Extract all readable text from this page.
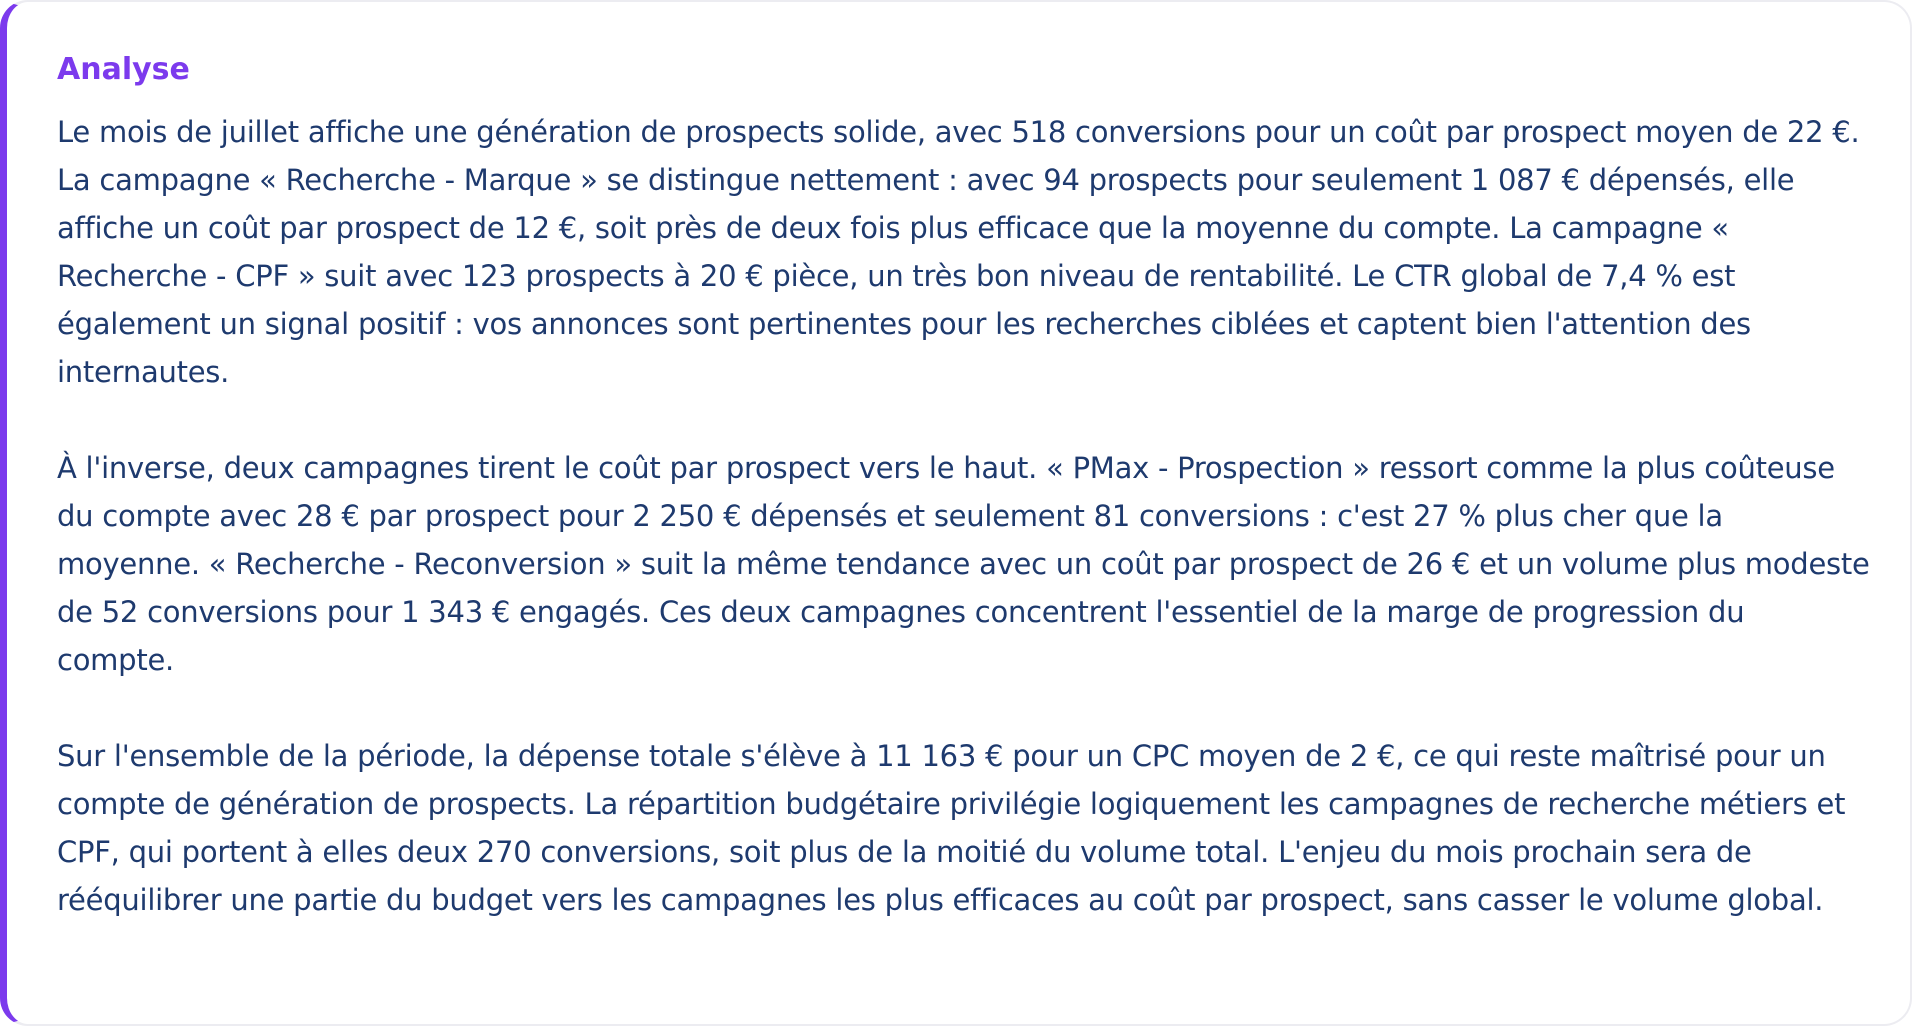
Analyse

Le mois de juillet affiche une génération de prospects solide, avec 518 conversions pour un coût par prospect moyen de 22 €. La campagne « Recherche - Marque » se distingue nettement : avec 94 prospects pour seulement 1 087 € dépensés, elle affiche un coût par prospect de 12 €, soit près de deux fois plus efficace que la moyenne du compte. La campagne « Recherche - CPF » suit avec 123 prospects à 20 € pièce, un très bon niveau de rentabilité. Le CTR global de 7,4 % est également un signal positif : vos annonces sont pertinentes pour les recherches ciblées et captent bien l'attention des internautes.

À l'inverse, deux campagnes tirent le coût par prospect vers le haut. « PMax - Prospection » ressort comme la plus coûteuse du compte avec 28 € par prospect pour 2 250 € dépensés et seulement 81 conversions : c'est 27 % plus cher que la moyenne. « Recherche - Reconversion » suit la même tendance avec un coût par prospect de 26 € et un volume plus modeste de 52 conversions pour 1 343 € engagés. Ces deux campagnes concentrent l'essentiel de la marge de progression du compte.

Sur l'ensemble de la période, la dépense totale s'élève à 11 163 € pour un CPC moyen de 2 €, ce qui reste maîtrisé pour un compte de génération de prospects. La répartition budgétaire privilégie logiquement les campagnes de recherche métiers et CPF, qui portent à elles deux 270 conversions, soit plus de la moitié du volume total. L'enjeu du mois prochain sera de rééquilibrer une partie du budget vers les campagnes les plus efficaces au coût par prospect, sans casser le volume global.
